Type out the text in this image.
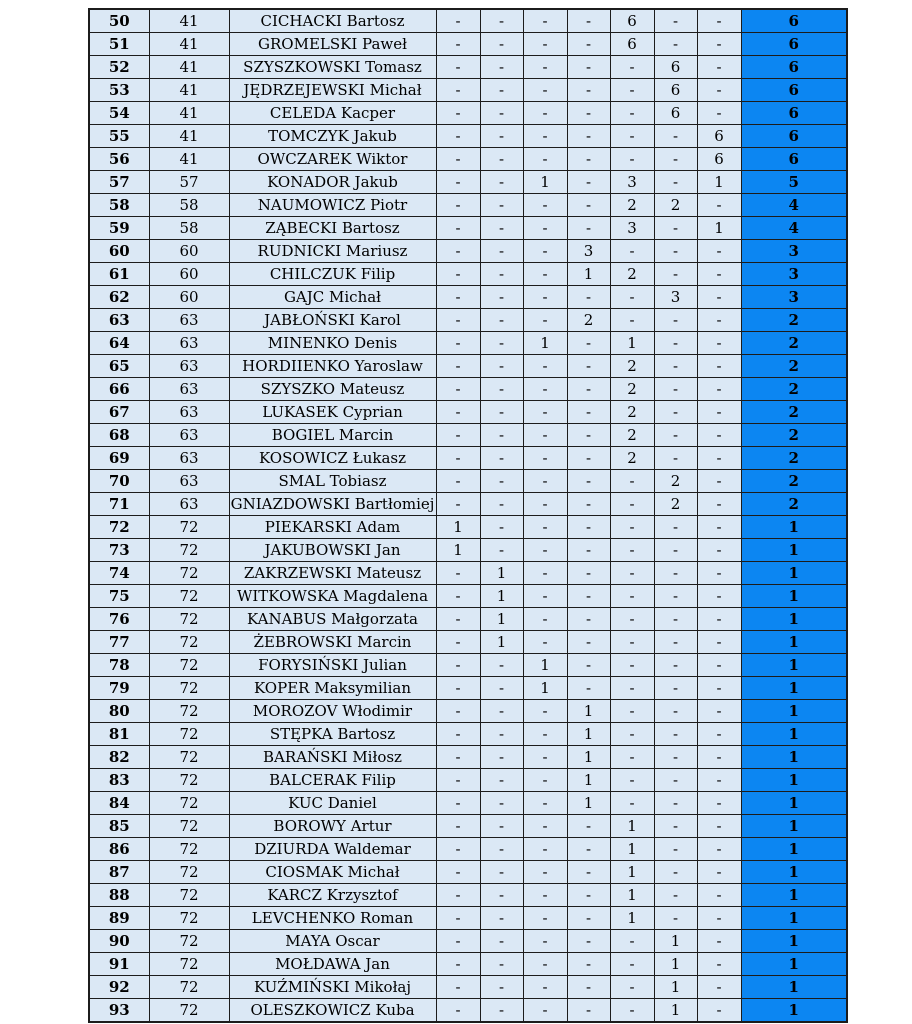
50	41	CICHACKI Bartosz	-	-	-	-	6	-	-	6
51	41	GROMELSKI Paweł	-	-	-	-	6	-	-	6
52	41	SZYSZKOWSKI Tomasz	-	-	-	-	-	6	-	6
53	41	JĘDRZEJEWSKI Michał	-	-	-	-	-	6	-	6
54	41	CELEDA Kacper	-	-	-	-	-	6	-	6
55	41	TOMCZYK Jakub	-	-	-	-	-	-	6	6
56	41	OWCZAREK Wiktor	-	-	-	-	-	-	6	6
57	57	KONADOR Jakub	-	-	1	-	3	-	1	5
58	58	NAUMOWICZ Piotr	-	-	-	-	2	2	-	4
59	58	ZĄBECKI Bartosz	-	-	-	-	3	-	1	4
60	60	RUDNICKI Mariusz	-	-	-	3	-	-	-	3
61	60	CHILCZUK Filip	-	-	-	1	2	-	-	3
62	60	GAJC Michał	-	-	-	-	-	3	-	3
63	63	JABŁOŃSKI Karol	-	-	-	2	-	-	-	2
64	63	MINENKO Denis	-	-	1	-	1	-	-	2
65	63	HORDIIENKO Yaroslaw	-	-	-	-	2	-	-	2
66	63	SZYSZKO Mateusz	-	-	-	-	2	-	-	2
67	63	LUKASEK Cyprian	-	-	-	-	2	-	-	2
68	63	BOGIEL Marcin	-	-	-	-	2	-	-	2
69	63	KOSOWICZ Łukasz	-	-	-	-	2	-	-	2
70	63	SMAL Tobiasz	-	-	-	-	-	2	-	2
71	63	GNIAZDOWSKI Bartłomiej	-	-	-	-	-	2	-	2
72	72	PIEKARSKI Adam	1	-	-	-	-	-	-	1
73	72	JAKUBOWSKI Jan	1	-	-	-	-	-	-	1
74	72	ZAKRZEWSKI Mateusz	-	1	-	-	-	-	-	1
75	72	WITKOWSKA Magdalena	-	1	-	-	-	-	-	1
76	72	KANABUS Małgorzata	-	1	-	-	-	-	-	1
77	72	ŻEBROWSKI Marcin	-	1	-	-	-	-	-	1
78	72	FORYSIŃSKI Julian	-	-	1	-	-	-	-	1
79	72	KOPER Maksymilian	-	-	1	-	-	-	-	1
80	72	MOROZOV Włodimir	-	-	-	1	-	-	-	1
81	72	STĘPKA Bartosz	-	-	-	1	-	-	-	1
82	72	BARAŃSKI Miłosz	-	-	-	1	-	-	-	1
83	72	BALCERAK Filip	-	-	-	1	-	-	-	1
84	72	KUC Daniel	-	-	-	1	-	-	-	1
85	72	BOROWY Artur	-	-	-	-	1	-	-	1
86	72	DZIURDA Waldemar	-	-	-	-	1	-	-	1
87	72	CIOSMAK Michał	-	-	-	-	1	-	-	1
88	72	KARCZ Krzysztof	-	-	-	-	1	-	-	1
89	72	LEVCHENKO Roman	-	-	-	-	1	-	-	1
90	72	MAYA Oscar	-	-	-	-	-	1	-	1
91	72	MOŁDAWA Jan	-	-	-	-	-	1	-	1
92	72	KUŹMIŃSKI Mikołaj	-	-	-	-	-	1	-	1
93	72	OLESZKOWICZ Kuba	-	-	-	-	-	1	-	1
